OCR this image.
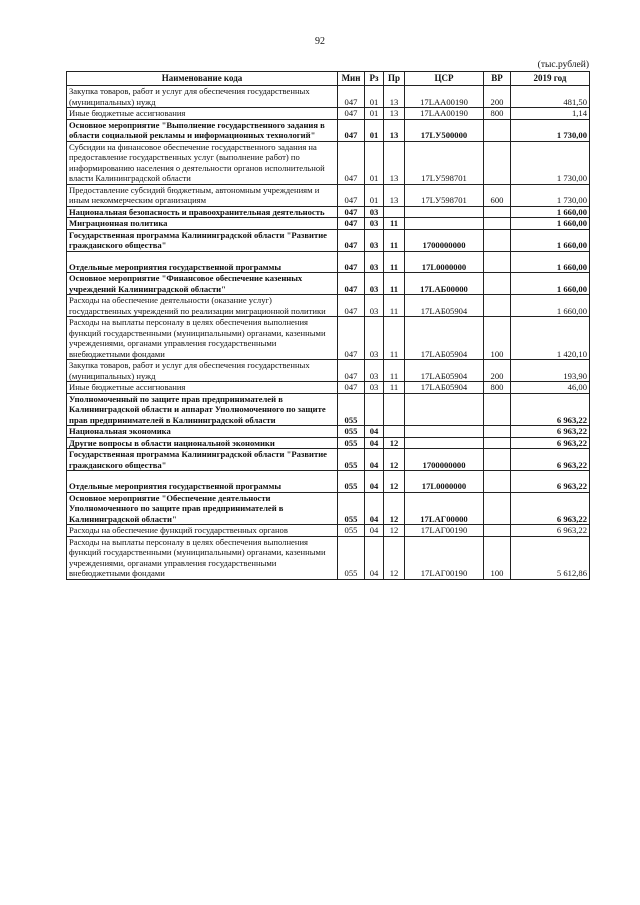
92
(тыс.рублей)
Наименование кода	Мин	Рз	Пр	ЦСР	ВР	2019 год
Закупка товаров, работ и услуг для обеспечения государственных (муниципальных) нужд	047	01	13	17LАА00190	200	481,50
Иные бюджетные ассигнования	047	01	13	17LАА00190	800	1,14
Основное мероприятие "Выполнение государственного задания в области социальной рекламы и информационных технологий"	047	01	13	17LУ500000		1 730,00
Субсидии на финансовое обеспечение государственного задания на предоставление государственных услуг (выполнение работ) по информированию населения о деятельности органов исполнительной власти Калининградской области	047	01	13	17LУ598701		1 730,00
Предоставление субсидий бюджетным, автономным учреждениям и иным некоммерческим организациям	047	01	13	17LУ598701	600	1 730,00
Национальная безопасность и правоохранительная деятельность	047	03				1 660,00
Миграционная политика	047	03	11			1 660,00
Государственная программа Калининградской области "Развитие гражданского общества"	047	03	11	1700000000		1 660,00

Отдельные мероприятия государственной программы	047	03	11	17L0000000		1 660,00
Основное мероприятие "Финансовое обеспечение казенных учреждений Калининградской области"	047	03	11	17LАБ00000		1 660,00
Расходы на обеспечение деятельности (оказание услуг) государственных учреждений по реализации миграционной политики	047	03	11	17LАБ05904		1 660,00
Расходы на выплаты персоналу в целях обеспечения выполнения функций государственными (муниципальными) органами, казенными учреждениями, органами управления государственными внебюджетными фондами	047	03	11	17LАБ05904	100	1 420,10
Закупка товаров, работ и услуг для обеспечения государственных (муниципальных) нужд	047	03	11	17LАБ05904	200	193,90
Иные бюджетные ассигнования	047	03	11	17LАБ05904	800	46,00
Уполномоченный по защите прав предпринимателей в Калининградской области и аппарат Уполномоченного по защите прав предпринимателей в Калининградской области	055					6 963,22
Национальная экономика	055	04				6 963,22
Другие вопросы в области национальной экономики	055	04	12			6 963,22
Государственная программа Калининградской области "Развитие гражданского общества"	055	04	12	1700000000		6 963,22

Отдельные мероприятия государственной программы	055	04	12	17L0000000		6 963,22
Основное мероприятие "Обеспечение деятельности Уполномоченного по защите прав предпринимателей в Калининградской области"	055	04	12	17LАГ00000		6 963,22
Расходы на обеспечение функций государственных органов	055	04	12	17LАГ00190		6 963,22
Расходы на выплаты персоналу в целях обеспечения выполнения функций государственными (муниципальными) органами, казенными учреждениями, органами управления государственными внебюджетными фондами	055	04	12	17LАГ00190	100	5 612,86
